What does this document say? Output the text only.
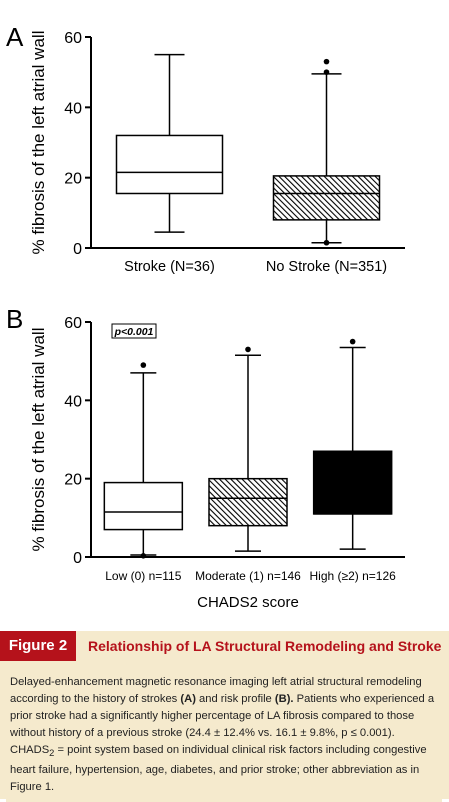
A % fibrosis of the left atrial wall 0
20
40
60
Stroke (N=36)	No Stroke (N=351)
B
% fibrosis of the left atrial wall
0
20
40
60
Low (0) n=115 Moderate (1) n=146 High (≥2) n=126
CHADS2 score
p<0.001
Figure 2	Relationship of LA Structural Remodeling and Stroke
Delayed-enhancement magnetic resonance imaging left atrial structural remodeling according to the history of strokes (A) and risk profile (B). Patients who experienced a prior stroke had a significantly higher percentage of LA fibrosis compared to those without history of a previous stroke (24.4 ± 12.4% vs. 16.1 ± 9.8%, p ≤ 0.001). $CHADS_2$ = point system based on individual clinical risk factors including congestive heart failure, hypertension, age, diabetes, and prior stroke; other abbreviation as in Figure 1.
